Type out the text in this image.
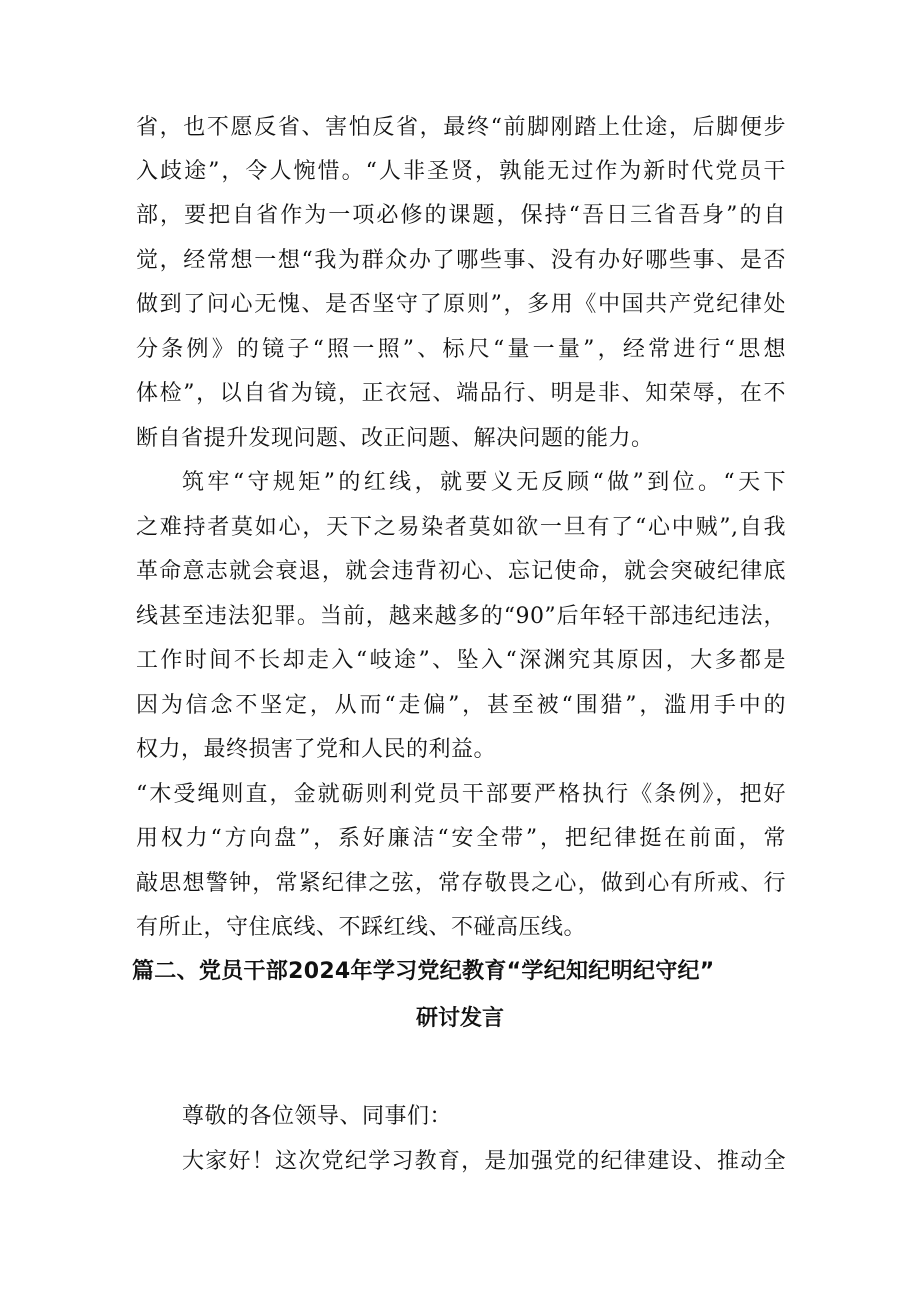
省，也不愿反省、害怕反省，最终“前脚刚踏上仕途，后脚便步
入歧途”，令人惋惜。“人非圣贤，孰能无过作为新时代党员干
部，要把自省作为一项必修的课题，保持“吾日三省吾身”的自
觉，经常想一想“我为群众办了哪些事、没有办好哪些事、是否
做到了问心无愧、是否坚守了原则”，多用《中国共产党纪律处
分条例》的镜子“照一照”、标尺“量一量”，经常进行“思想
体检”，以自省为镜，正衣冠、端品行、明是非、知荣辱，在不
断自省提升发现问题、改正问题、解决问题的能力。
筑牢“守规矩”的红线，就要义无反顾“做”到位。“天下
之难持者莫如心，天下之易染者莫如欲一旦有了“心中贼”,自我
革命意志就会衰退，就会违背初心、忘记使命，就会突破纪律底
线甚至违法犯罪。当前，越来越多的“90”后年轻干部违纪违法，
工作时间不长却走入“岐途”、坠入“深渊究其原因，大多都是
因为信念不坚定，从而“走偏”，甚至被“围猎”，滥用手中的
权力，最终损害了党和人民的利益。
“木受绳则直，金就砺则利党员干部要严格执行《条例》，把好
用权力“方向盘”，系好廉洁“安全带”，把纪律挺在前面，常
敲思想警钟，常紧纪律之弦，常存敬畏之心，做到心有所戒、行
有所止，守住底线、不踩红线、不碰高压线。
篇二、党员干部2024年学习党纪教育“学纪知纪明纪守纪”
研讨发言
尊敬的各位领导、同事们：
大家好！这次党纪学习教育，是加强党的纪律建设、推动全
